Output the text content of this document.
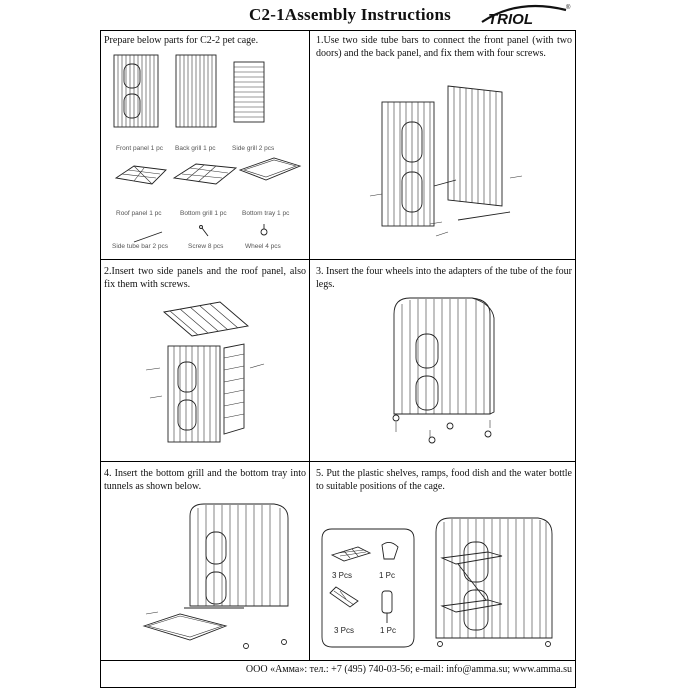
C2-1Assembly Instructions	TRIOL
®
Prepare below parts for C2-2 pet cage.	1.Use two side tube bars to connect the front panel (with two doors) and the back panel, and fix them with four screws.
2.Insert two side panels and the roof panel, also fix them with screws.
3. Insert the four wheels into the adapters of the tube of the four legs.
4. Insert the bottom grill and the bottom tray into tunnels as shown below.
5. Put the plastic shelves, ramps, food dish and the water bottle to suitable positions of the cage.
Front panel 1 pc Back grill 1 pc	Side grill 2 pcs
Roof panel 1 pc	Bottom grill 1 pc Bottom tray 1 pc
Side tube bar 2 pcs	Screw 8 pcs	Wheel 4 pcs
3 Pcs	1 Pc
3 Pcs	1 Pc
ООО «Амма»: тел.: +7 (495) 740-03-56; e-mail: info@amma.su; www.amma.su
